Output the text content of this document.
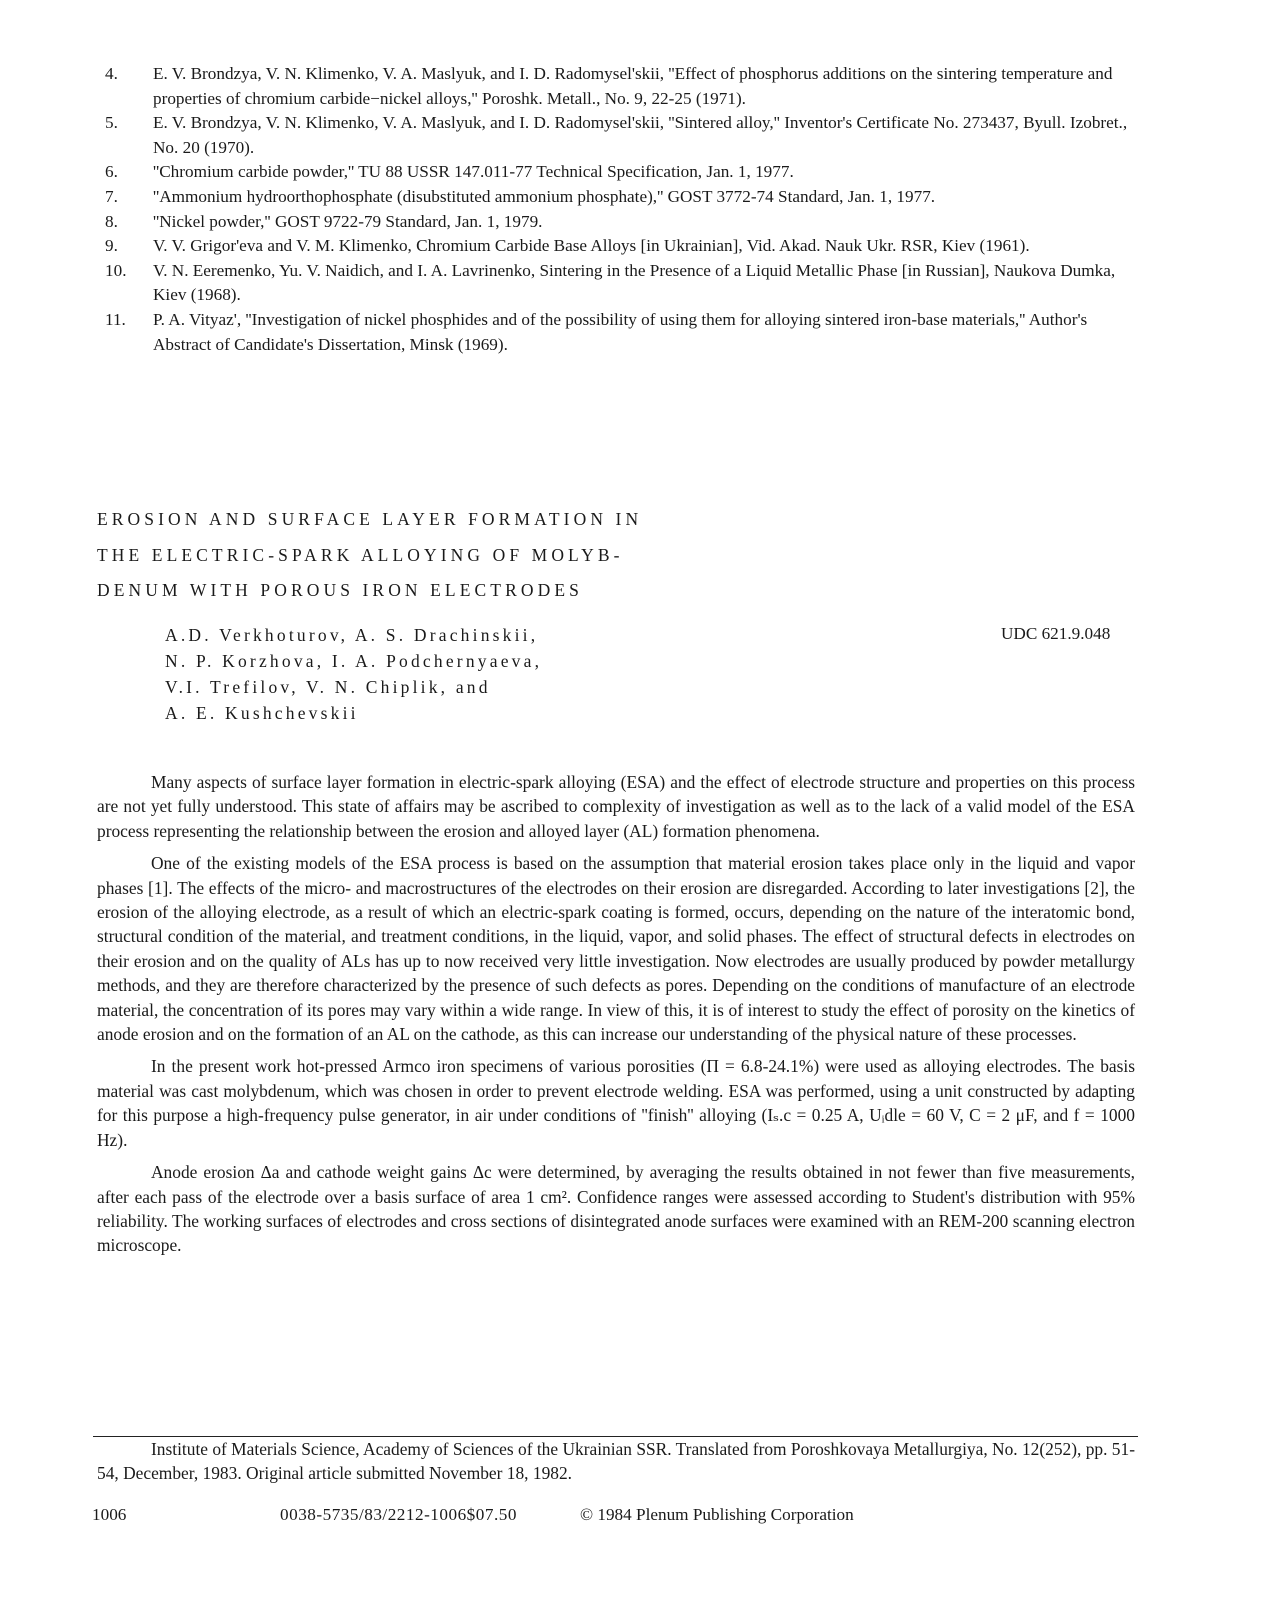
4.	E. V. Brondzya, V. N. Klimenko, V. A. Maslyuk, and I. D. Radomysel'skii, ''Effect of phosphorus additions on the sintering temperature and properties of chromium carbide−nickel alloys,'' Poroshk. Metall., No. 9, 22-25 (1971).
5.	E. V. Brondzya, V. N. Klimenko, V. A. Maslyuk, and I. D. Radomysel'skii, ''Sintered alloy,'' Inventor's Certificate No. 273437, Byull. Izobret., No. 20 (1970).
6.	''Chromium carbide powder,'' TU 88 USSR 147.011-77 Technical Specification, Jan. 1, 1977.
7.	''Ammonium hydroorthophosphate (disubstituted ammonium phosphate),'' GOST 3772-74 Standard, Jan. 1, 1977.
8.	''Nickel powder,'' GOST 9722-79 Standard, Jan. 1, 1979.
9.	V. V. Grigor'eva and V. M. Klimenko, Chromium Carbide Base Alloys [in Ukrainian], Vid. Akad. Nauk Ukr. RSR, Kiev (1961).
10.	V. N. Eeremenko, Yu. V. Naidich, and I. A. Lavrinenko, Sintering in the Presence of a Liquid Metallic Phase [in Russian], Naukova Dumka, Kiev (1968).
11.	P. A. Vityaz', ''Investigation of nickel phosphides and of the possibility of using them for alloying sintered iron-base materials,'' Author's Abstract of Candidate's Dissertation, Minsk (1969).
EROSION AND SURFACE LAYER FORMATION IN
THE ELECTRIC-SPARK ALLOYING OF MOLYB-
DENUM WITH POROUS IRON ELECTRODES
A.D. Verkhoturov, A. S. Drachinskii,
N. P. Korzhova, I. A. Podchernyaeva,
V.I. Trefilov, V. N. Chiplik, and
A. E. Kushchevskii
UDC 621.9.048

Many aspects of surface layer formation in electric-spark alloying (ESA) and the effect of electrode structure and properties on this process are not yet fully understood. This state of affairs may be ascribed to complexity of investigation as well as to the lack of a valid model of the ESA process representing the relationship between the erosion and alloyed layer (AL) formation phenomena.

One of the existing models of the ESA process is based on the assumption that material erosion takes place only in the liquid and vapor phases [1]. The effects of the micro- and macrostructures of the electrodes on their erosion are disregarded. According to later investigations [2], the erosion of the alloying electrode, as a result of which an electric-spark coating is formed, occurs, depending on the nature of the interatomic bond, structural condition of the material, and treatment conditions, in the liquid, vapor, and solid phases. The effect of structural defects in electrodes on their erosion and on the quality of ALs has up to now received very little investigation. Now electrodes are usually produced by powder metallurgy methods, and they are therefore characterized by the presence of such defects as pores. Depending on the conditions of manufacture of an electrode material, the concentration of its pores may vary within a wide range. In view of this, it is of interest to study the effect of porosity on the kinetics of anode erosion and on the formation of an AL on the cathode, as this can increase our understanding of the physical nature of these processes.

In the present work hot-pressed Armco iron specimens of various porosities (Π = 6.8-24.1%) were used as alloying electrodes. The basis material was cast molybdenum, which was chosen in order to prevent electrode welding. ESA was performed, using a unit constructed by adapting for this purpose a high-frequency pulse generator, in air under conditions of ''finish'' alloying (Iₛ.c = 0.25 A, Uᵢdle = 60 V, C = 2 μF, and f = 1000 Hz).

Anode erosion Δa and cathode weight gains Δc were determined, by averaging the results obtained in not fewer than five measurements, after each pass of the electrode over a basis surface of area 1 cm². Confidence ranges were assessed according to Student's distribution with 95% reliability. The working surfaces of electrodes and cross sections of disintegrated anode surfaces were examined with an REM-200 scanning electron microscope.

Institute of Materials Science, Academy of Sciences of the Ukrainian SSR. Translated from Poroshkovaya Metallurgiya, No. 12(252), pp. 51-54, December, 1983. Original article submitted November 18, 1982.
1006	0038-5735/83/2212-1006$07.50	© 1984 Plenum Publishing Corporation
